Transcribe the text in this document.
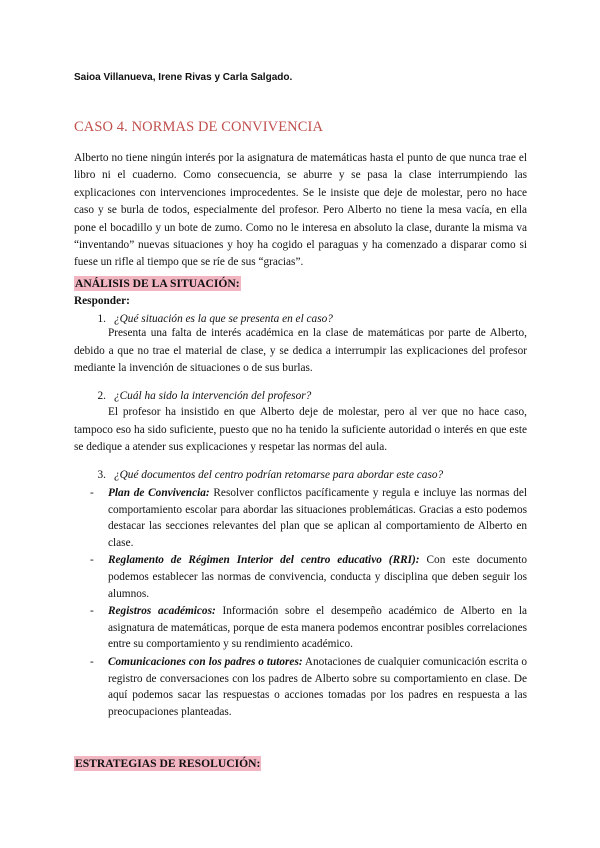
Saioa Villanueva, Irene Rivas y Carla Salgado.
CASO 4. NORMAS DE CONVIVENCIA

Alberto no tiene ningún interés por la asignatura de matemáticas hasta el punto de que nunca trae el libro ni el cuaderno. Como consecuencia, se aburre y se pasa la clase interrumpiendo las explicaciones con intervenciones improcedentes. Se le insiste que deje de molestar, pero no hace caso y se burla de todos, especialmente del profesor. Pero Alberto no tiene la mesa vacía, en ella pone el bocadillo y un bote de zumo. Como no le interesa en absoluto la clase, durante la misma va “inventando” nuevas situaciones y hoy ha cogido el paraguas y ha comenzado a disparar como si fuese un rifle al tiempo que se ríe de sus “gracias”.

ANÁLISIS DE LA SITUACIÓN:
Responder:
1. ¿Qué situación es la que se presenta en el caso?

Presenta una falta de interés académica en la clase de matemáticas por parte de Alberto, debido a que no trae el material de clase, y se dedica a interrumpir las explicaciones del profesor mediante la invención de situaciones o de sus burlas.

2. ¿Cuál ha sido la intervención del profesor?

El profesor ha insistido en que Alberto deje de molestar, pero al ver que no hace caso, tampoco eso ha sido suficiente, puesto que no ha tenido la suficiente autoridad o interés en que este se dedique a atender sus explicaciones y respetar las normas del aula.

3. ¿Qué documentos del centro podrían retomarse para abordar este caso?
- Plan de Convivencia: Resolver conflictos pacíficamente y regula e incluye las normas del comportamiento escolar para abordar las situaciones problemáticas. Gracias a esto podemos destacar las secciones relevantes del plan que se aplican al comportamiento de Alberto en clase.
- Reglamento de Régimen Interior del centro educativo (RRI): Con este documento podemos establecer las normas de convivencia, conducta y disciplina que deben seguir los alumnos.
- Registros académicos: Información sobre el desempeño académico de Alberto en la asignatura de matemáticas, porque de esta manera podemos encontrar posibles correlaciones entre su comportamiento y su rendimiento académico.
- Comunicaciones con los padres o tutores: Anotaciones de cualquier comunicación escrita o registro de conversaciones con los padres de Alberto sobre su comportamiento en clase. De aquí podemos sacar las respuestas o acciones tomadas por los padres en respuesta a las preocupaciones planteadas.
ESTRATEGIAS DE RESOLUCIÓN:
